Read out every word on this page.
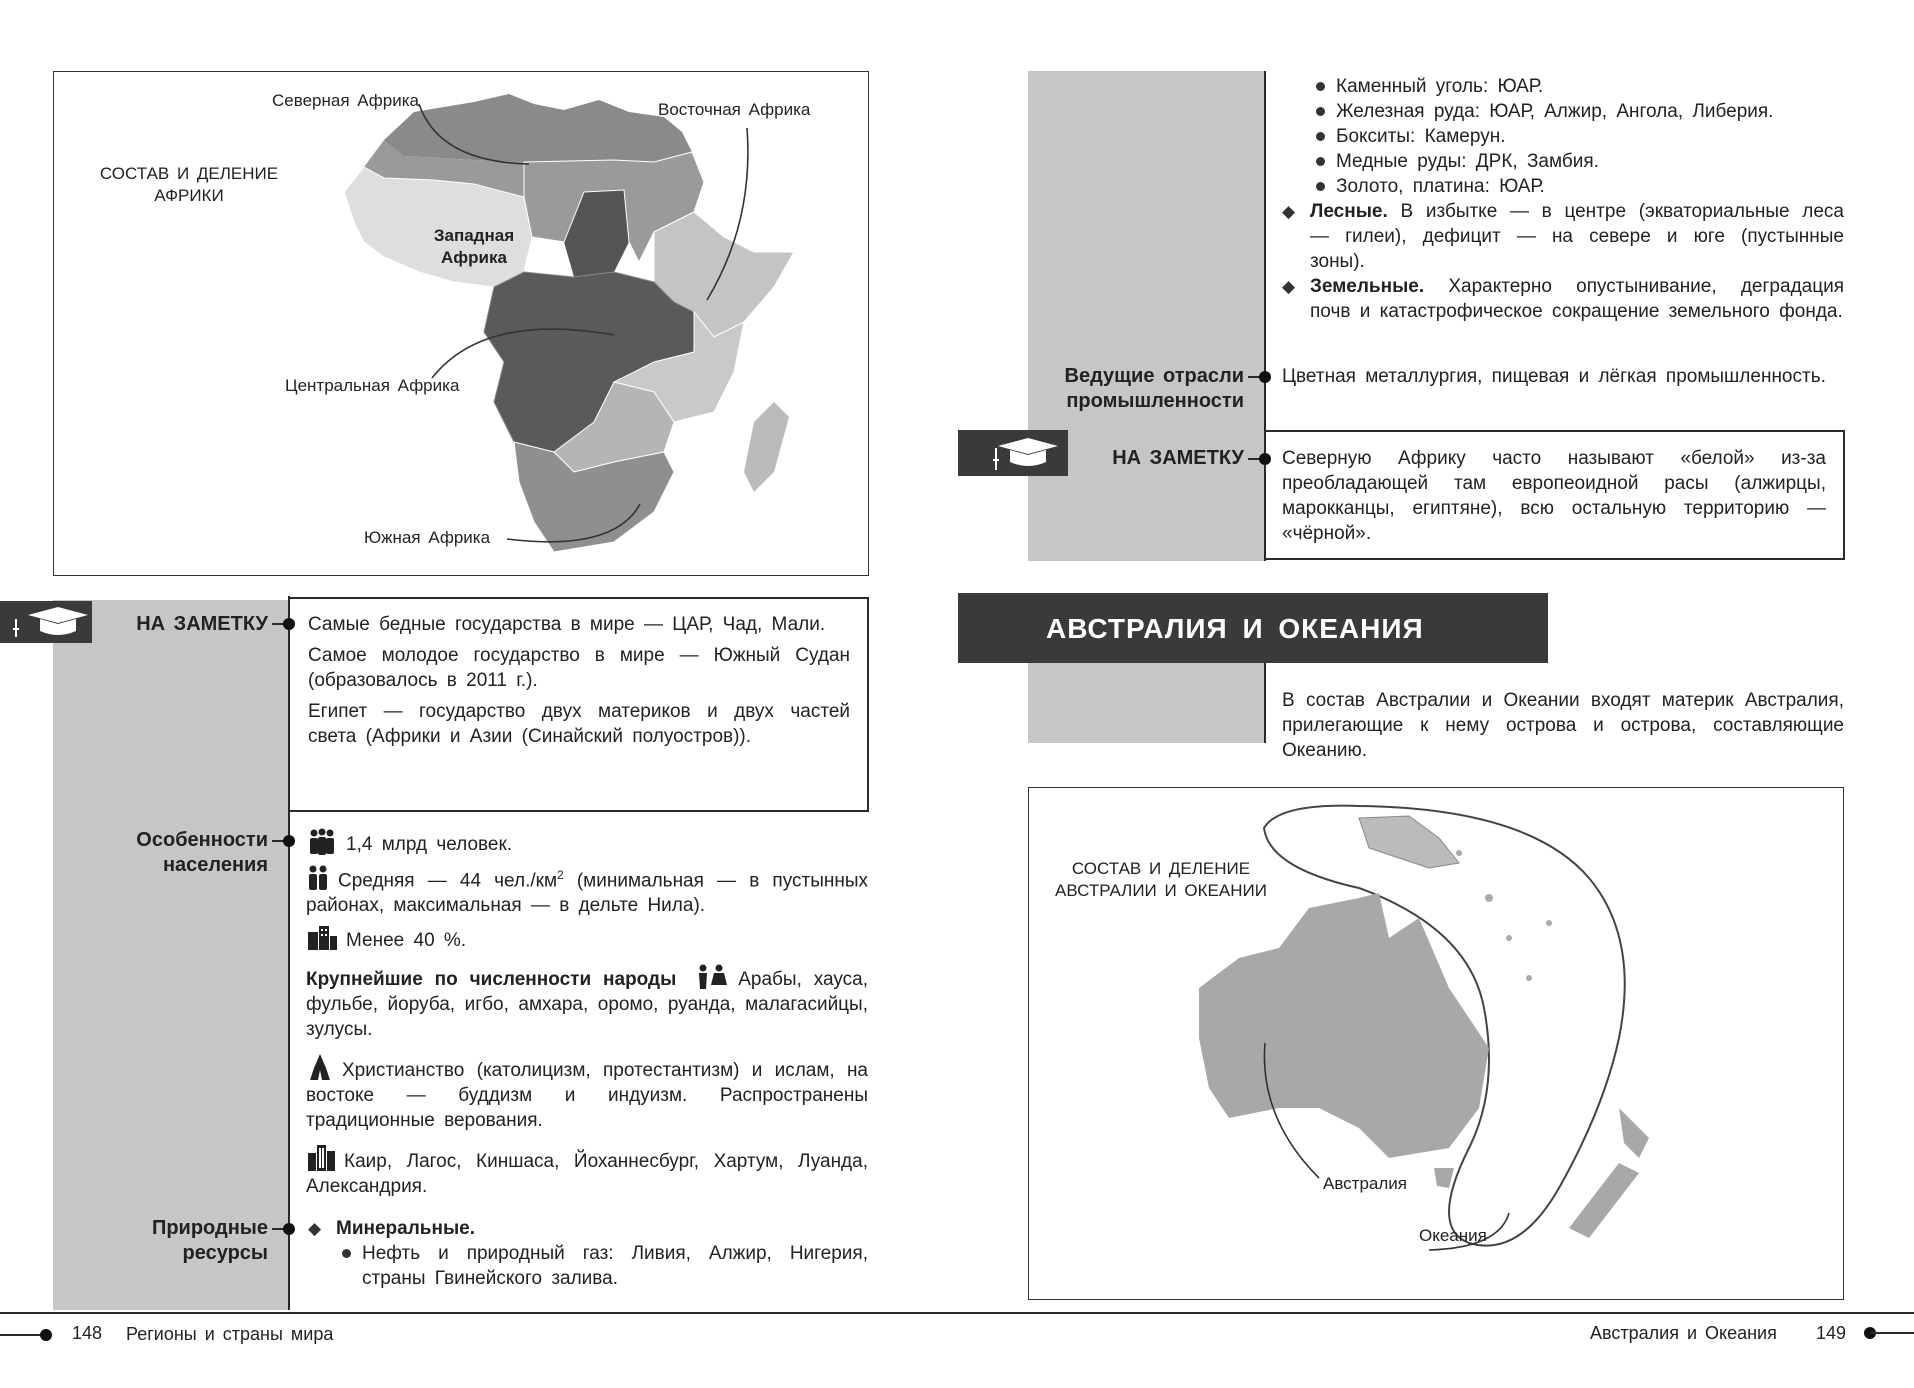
СОСТАВ И ДЕЛЕНИЕ АФРИКИ
Северная Африка	Восточная Африка
Западная Африка
Центральная Африка
Южная Африка
НА ЗАМЕТКУ Самые бедные государства в мире — ЦАР, Чад, Мали.

Самое молодое государство в мире — Южный Судан (образовалось в 2011 г.).

Египет — государство двух материков и двух частей света (Африки и Азии (Синайский полуостров)).

Особенности населения
1,4 млрд человек.
Средняя — 44 $чел./км^2$ (минимальная — в пустынных районах, максимальная — в дельте Нила).
Менее 40 %.
Крупнейшие по численности народы	Арабы, хауса, фульбе, йоруба, игбо, амхара, оромо, руанда, малагасийцы, зулусы.
Христианство (католицизм, протестантизм) и ислам, на востоке — буддизм и индуизм. Распространены традиционные верования.
Каир, Лагос, Киншаса, Йоханнесбург, Хартум, Луанда, Александрия.
Природные ресурсы
◆ Минеральные.
Нефть и природный газ: Ливия, Алжир, Нигерия, страны Гвинейского залива.
148 Регионы и страны мира
Каменный уголь: ЮАР.
Железная руда: ЮАР, Алжир, Ангола, Либерия.
Бокситы: Камерун.
Медные руды: ДРК, Замбия.
Золото, платина: ЮАР.
◆ Лесные. В избытке — в центре (экваториальные леса — гилеи), дефицит — на севере и юге (пустынные зоны).
◆ Земельные. Характерно опустынивание, деградация почв и катастрофическое сокращение земельного фонда.
Ведущие отрасли промышленности
Цветная металлургия, пищевая и лёгкая промышленность.
НА ЗАМЕТКУ Северную Африку часто называют «белой» из-за преобладающей там европеоидной расы (алжирцы, марокканцы, египтяне), всю остальную территорию — «чёрной».
АВСТРАЛИЯ И ОКЕАНИЯ
В состав Австралии и Океании входят материк Австралия, прилегающие к нему острова и острова, составляющие Океанию.
СОСТАВ И ДЕЛЕНИЕ
АВСТРАЛИИ И ОКЕАНИИ
Австралия
Океания
Австралия и Океания 149
